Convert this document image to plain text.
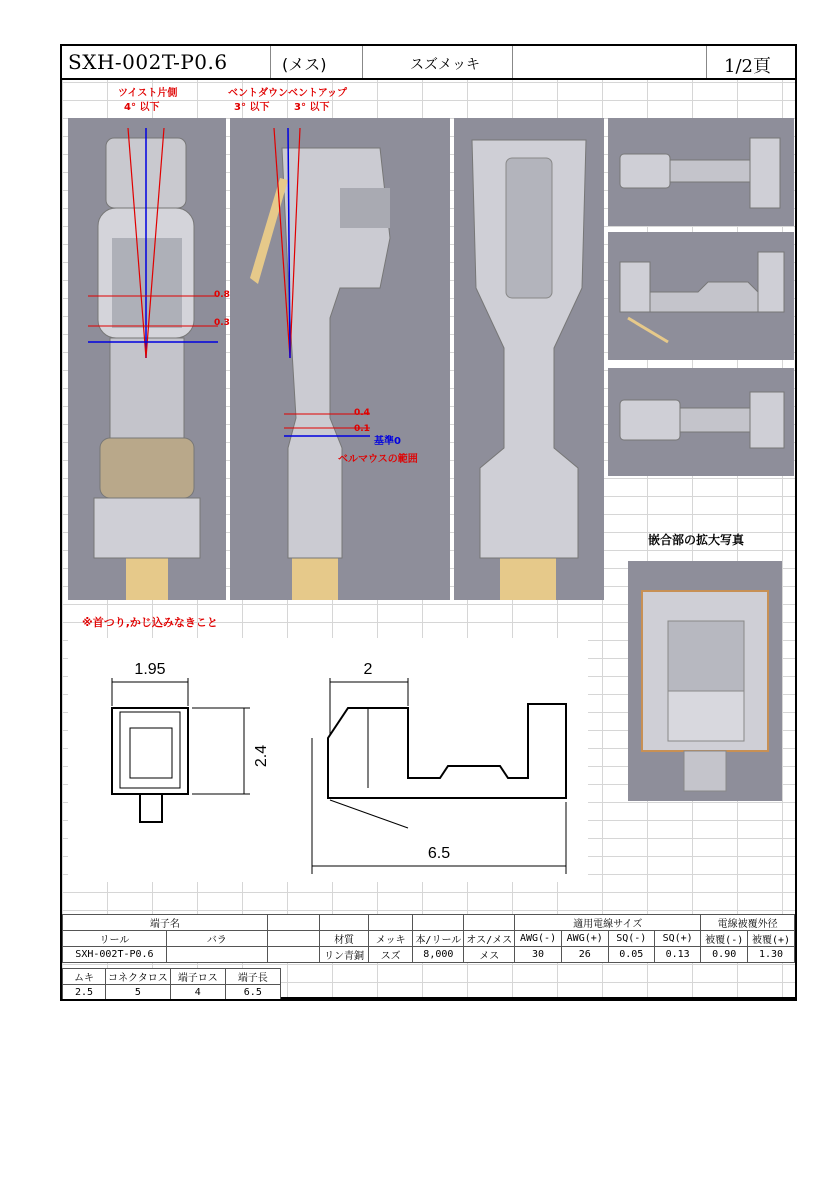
SXH-002T-P0.6	(メス)	スズメッキ	1/2頁
ツイスト片側
4° 以下
ベントダウン
3° 以下
ベントアップ
3° 以下
0.8
0.3
0.4
0.1
基準0
ベルマウスの範囲
嵌合部の拡大写真
※首つり,かじ込みなきこと
1.95
2.4
2
6.5
端子名							適用電線サイズ				電線被覆外径	
リール	バラ		材質	メッキ	本/リール	オス/メス	AWG(-)	AWG(+)	SQ(-)	SQ(+)	被覆(-)	被覆(+)
SXH-002T-P0.6			リン青銅	スズ	8,000	メス	30	26	0.05	0.13	0.90	1.30
ムキ	コネクタロス	端子ロス	端子長
2.5	5	4	6.5
